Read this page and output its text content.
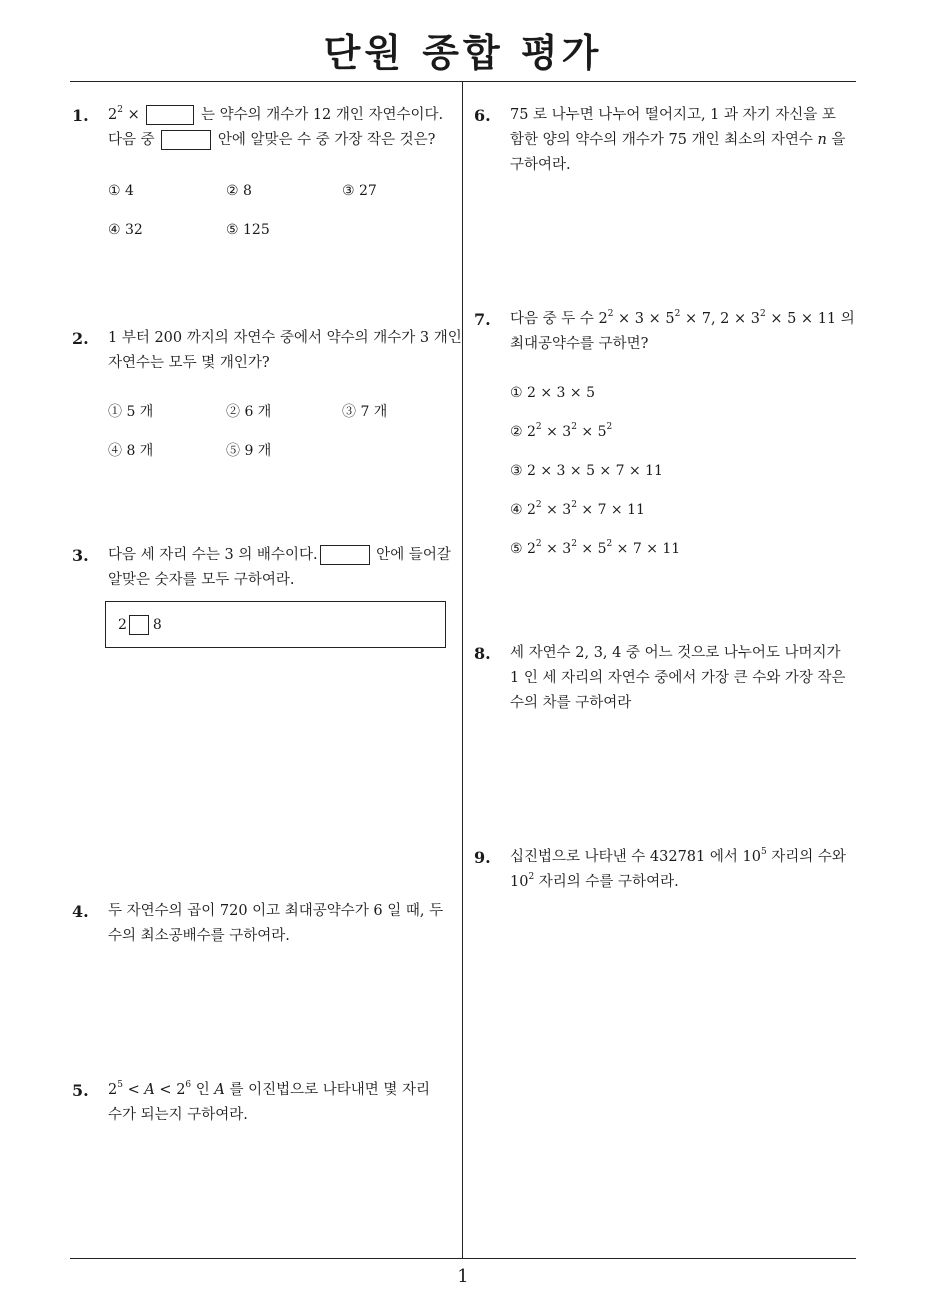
단원 종합 평가
1. $2^2$ ×	는 약수의 개수가 12 개인 자연수이다.
다음 중	안에 알맞은 수 중 가장 작은 것은?
① 4	② 8	③ 27
④ 32	⑤ 125
2. 1 부터 200 까지의 자연수 중에서 약수의 개수가 3 개인
자연수는 모두 몇 개인가?
① 5 개	② 6 개	③ 7 개
④ 8 개	⑤ 9 개
3. 다음 세 자리 수는 3 의 배수이다.	안에 들어갈
알맞은 숫자를 모두 구하여라.
2 8
4. 두 자연수의 곱이 720 이고 최대공약수가 6 일 때, 두
수의 최소공배수를 구하여라.
5. $2^5 < A < 2^6$ 인 A 를 이진법으로 나타내면 몇 자리
수가 되는지 구하여라.
6. 75 로 나누면 나누어 떨어지고, 1 과 자기 자신을 포
함한 양의 약수의 개수가 75 개인 최소의 자연수 n 을
구하여라.
7. 다음 중 두 수 $2^2 \times 3 \times 5^2 \times 7$, $2 \times 3^2 \times 5 \times 11$ 의
최대공약수를 구하면?
① 2 × 3 × 5
② $2^2 \times 3^2 \times 5^2$
③ 2 × 3 × 5 × 7 × 11
④ $2^2 \times 3^2 \times 7 \times 11$
⑤ $2^2 \times 3^2 \times 5^2 \times 7 \times 11$
8. 세 자연수 2, 3, 4 중 어느 것으로 나누어도 나머지가
1 인 세 자리의 자연수 중에서 가장 큰 수와 가장 작은
수의 차를 구하여라
9. 십진법으로 나타낸 수 432781 에서 $10^5$ 자리의 수와
$10^2$ 자리의 수를 구하여라.
1
